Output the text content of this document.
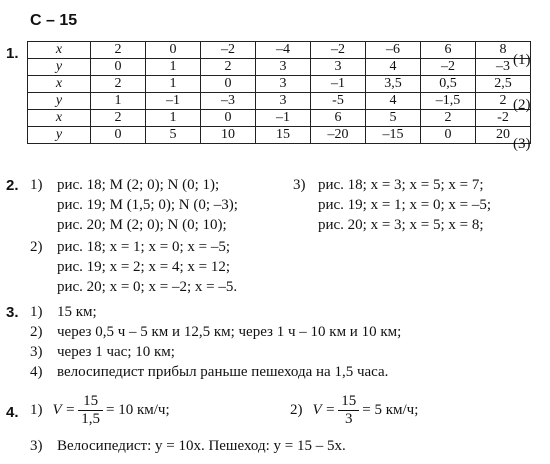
С – 15
1.	x	2	0	–2	–4	–2	–6	6	8
y	0	1	2	3	3	4	–2	–3
x	2	1	0	3	–1	3,5	0,5	2,5
y	1	–1	–3	3	-5	4	–1,5	2
x	2	1	0	–1	6	5	2	-2
y	0	5	10	15	–20	–15	0	20
(1)
(2)
(3)
2. 1) рис. 18; M (2; 0); N (0; 1);
рис. 19; M (1,5; 0); N (0; –3);
рис. 20; M (2; 0); N (0; 10);
3) рис. 18; x = 3; x = 5; x = 7;
рис. 19; x = 1; x = 0; x = –5;
рис. 20; x = 3; x = 5; x = 8;
2) рис. 18; x = 1; x = 0; x = –5;
рис. 19; x = 2; x = 4; x = 12;
рис. 20; x = 0; x = –2; x = –5.
3. 1) 15 км;
2) через 0,5 ч – 5 км и 12,5 км; через 1 ч – 10 км и 10 км;
3) через 1 час; 10 км;
4) велосипедист прибыл раньше пешехода на 1,5 часа.
4. 1) $V = \frac{15}{1,5} = 10$ км/ч;	2) $V = \frac{15}{3} = 5$ км/ч;
3) Велосипедист: y = 10x. Пешеход: y = 15 – 5x.
